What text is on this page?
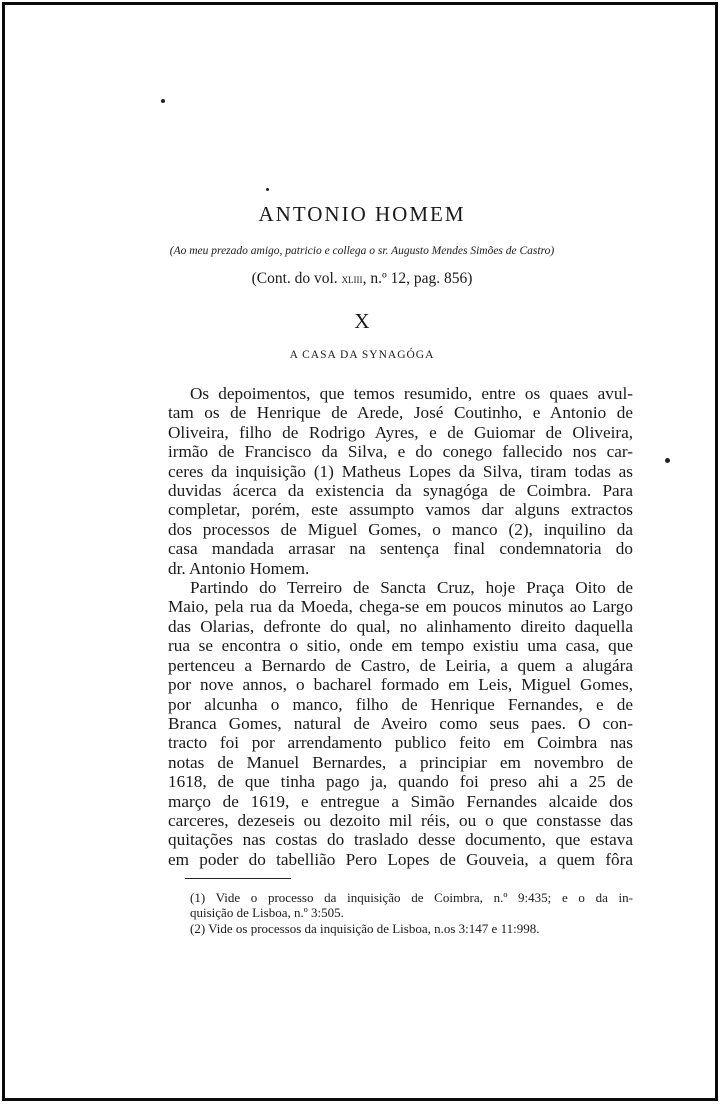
ANTONIO HOMEM
(Ao meu prezado amigo, patricio e collega o sr. Augusto Mendes Simões de Castro)
(Cont. do vol. xliii, n.º 12, pag. 856)
X
A CASA DA SYNAGÓGA
Os depoimentos, que temos resumido, entre os quaes avul-
tam os de Henrique de Arede, José Coutinho, e Antonio de
Oliveira, filho de Rodrigo Ayres, e de Guiomar de Oliveira,
irmão de Francisco da Silva, e do conego fallecido nos car-
ceres da inquisição (1) Matheus Lopes da Silva, tiram todas as
duvidas ácerca da existencia da synagóga de Coimbra. Para
completar, porém, este assumpto vamos dar alguns extractos
dos processos de Miguel Gomes, o manco (2), inquilino da
casa mandada arrasar na sentença final condemnatoria do
dr. Antonio Homem.
Partindo do Terreiro de Sancta Cruz, hoje Praça Oito de
Maio, pela rua da Moeda, chega-se em poucos minutos ao Largo
das Olarias, defronte do qual, no alinhamento direito daquella
rua se encontra o sitio, onde em tempo existiu uma casa, que
pertenceu a Bernardo de Castro, de Leiria, a quem a alugára
por nove annos, o bacharel formado em Leis, Miguel Gomes,
por alcunha o manco, filho de Henrique Fernandes, e de
Branca Gomes, natural de Aveiro como seus paes. O con-
tracto foi por arrendamento publico feito em Coimbra nas
notas de Manuel Bernardes, a principiar em novembro de
1618, de que tinha pago ja, quando foi preso ahi a 25 de
março de 1619, e entregue a Simão Fernandes alcaide dos
carceres, dezeseis ou dezoito mil réis, ou o que constasse das
quitações nas costas do traslado desse documento, que estava
em poder do tabellião Pero Lopes de Gouveia, a quem fôra
(1) Vide o processo da inquisição de Coimbra, n.º 9:435; e o da in-
quisição de Lisboa, n.º 3:505.
(2) Vide os processos da inquisição de Lisboa, n.os 3:147 e 11:998.
